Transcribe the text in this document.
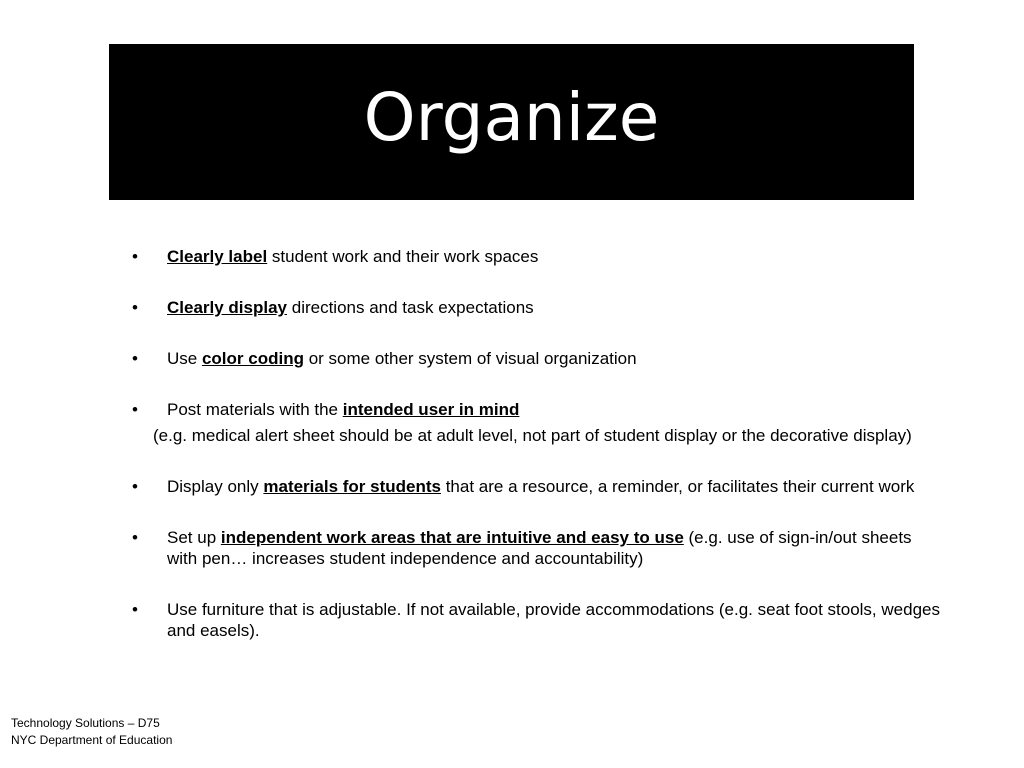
Organize
• Clearly label student work and their work spaces
• Clearly display directions and task expectations
• Use color coding or some other system of visual organization
• Post materials with the intended user in mind
(e.g. medical alert sheet should be at adult level, not part of student display or the decorative display)
• Display only materials for students that are a resource, a reminder, or facilitates their current work
• Set up independent work areas that are intuitive and easy to use (e.g. use of sign-in/out sheets with pen… increases student independence and accountability)
• Use furniture that is adjustable. If not available, provide accommodations (e.g. seat foot stools, wedges and easels).
Technology Solutions – D75
NYC Department of Education
